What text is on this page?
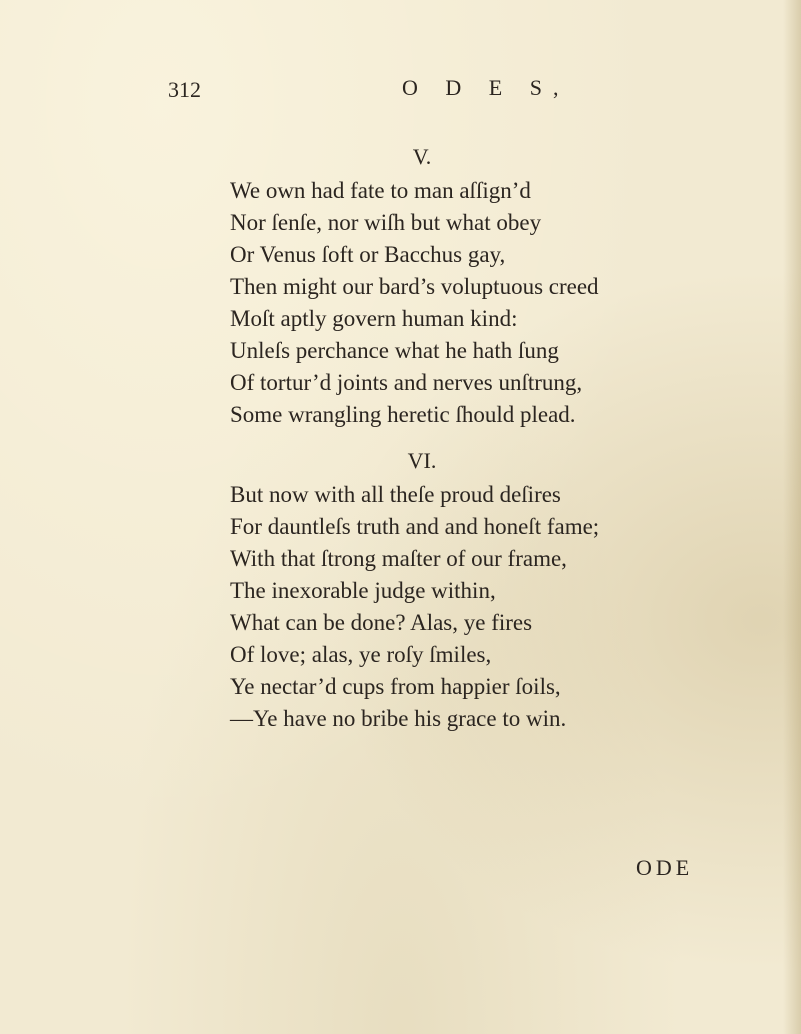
312	O D E S,
V.
We own had fate to man aſſign’d
Nor ſenſe, nor wiſh but what obey
Or Venus ſoft or Bacchus gay,
Then might our bard’s voluptuous creed
Moſt aptly govern human kind:
Unleſs perchance what he hath ſung
Of tortur’d joints and nerves unſtrung,
Some wrangling heretic ſhould plead.
VI.
But now with all theſe proud deſires
For dauntleſs truth and and honeſt fame;
With that ſtrong maſter of our frame,
The inexorable judge within,
What can be done? Alas, ye fires
Of love; alas, ye roſy ſmiles,
Ye nectar’d cups from happier ſoils,
—Ye have no bribe his grace to win.
ODE
